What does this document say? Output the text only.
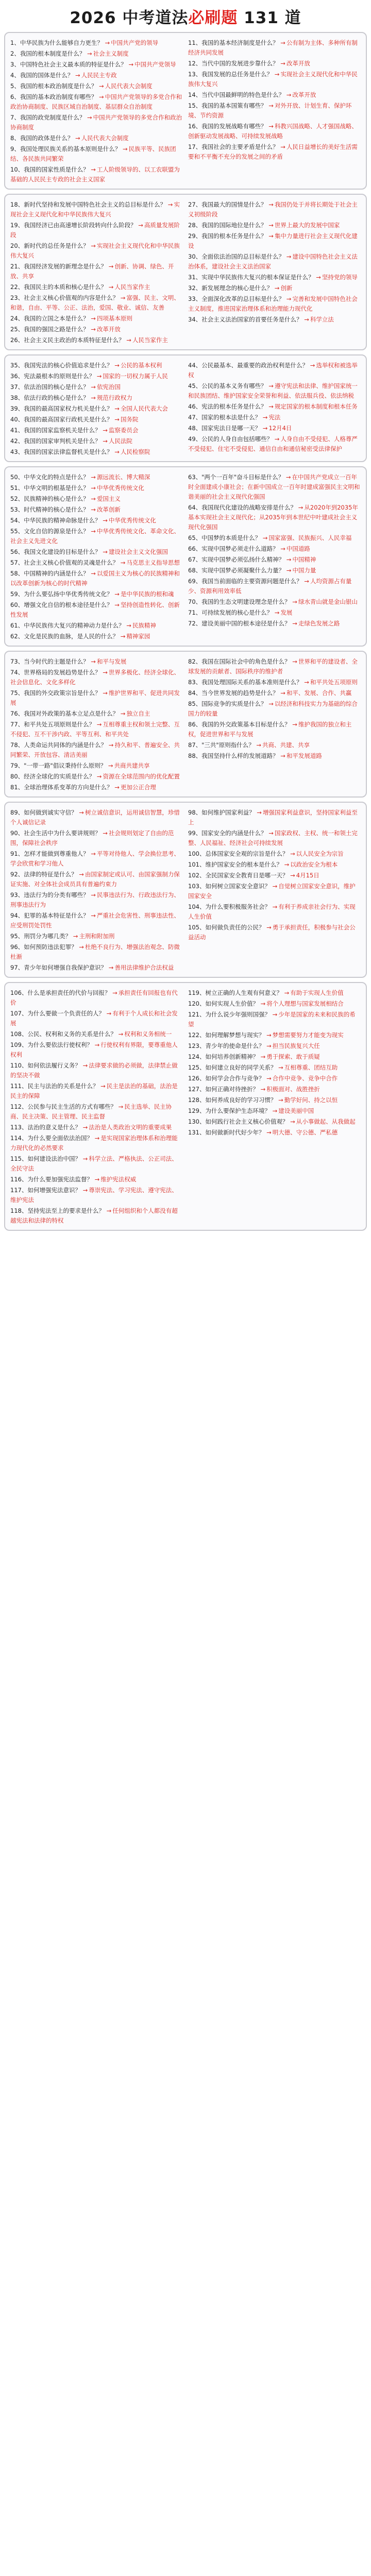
2026 中考道法必刷题 131 道
1、中华民族为什么能够自力更生？ → 中国共产党的领导
2、我国的根本制度是什么？ → 社会主义制度
3、中国特色社会主义最本质的特征是什么？ → 中国共产党领导
4、我国的国体是什么？ → 人民民主专政
5、我国的根本政治制度是什么？ → 人民代表大会制度
6、我国的基本政治制度有哪些？ → 中国共产党领导的多党合作和政治协商制度、民族区域自治制度、基层群众自治制度
7、我国的政党制度是什么？ → 中国共产党领导的多党合作和政治协商制度
8、我国的政体是什么？ → 人民代表大会制度
9、我国处理民族关系的基本原则是什么？ → 民族平等、民族团结、各民族共同繁荣
10、我国的国家性质是什么？ → 工人阶级领导的、以工农联盟为基础的人民民主专政的社会主义国家
11、我国的基本经济制度是什么？ → 公有制为主体、多种所有制经济共同发展
12、当代中国的发展进步靠什么？ → 改革开放
13、我国发展的总任务是什么？ → 实现社会主义现代化和中华民族伟大复兴
14、当代中国最鲜明的特色是什么？ → 改革开放
15、我国的基本国策有哪些？ → 对外开放、计划生育、保护环境、节约资源
16、我国的发展战略有哪些？ → 科教兴国战略、人才强国战略、创新驱动发展战略、可持续发展战略
17、我国社会的主要矛盾是什么？ → 人民日益增长的美好生活需要和不平衡不充分的发展之间的矛盾
18、新时代坚持和发展中国特色社会主义的总目标是什么？ → 实现社会主义现代化和中华民族伟大复兴
19、我国经济已由高速增长阶段转向什么阶段？ → 高质量发展阶段
20、新时代的总任务是什么？ → 实现社会主义现代化和中华民族伟大复兴
21、我国经济发展的新理念是什么？ → 创新、协调、绿色、开放、共享
22、我国民主的本质和核心是什么？ → 人民当家作主
23、社会主义核心价值观的内容是什么？ → 富强、民主、文明、和谐，自由、平等、公正、法治，爱国、敬业、诚信、友善
24、我国的立国之本是什么？ → 四项基本原则
25、我国的强国之路是什么？ → 改革开放
26、社会主义民主政治的本质特征是什么？ → 人民当家作主
27、我国最大的国情是什么？ → 我国仍处于并将长期处于社会主义初级阶段
28、我国的国际地位是什么？ → 世界上最大的发展中国家
29、我国的根本任务是什么？ → 集中力量进行社会主义现代化建设
30、全面依法治国的总目标是什么？ → 建设中国特色社会主义法治体系，建设社会主义法治国家
31、实现中华民族伟大复兴的根本保证是什么？ → 坚持党的领导
32、新发展理念的核心是什么？ → 创新
33、全面深化改革的总目标是什么？ → 完善和发展中国特色社会主义制度，推进国家治理体系和治理能力现代化
34、社会主义法治国家的首要任务是什么？ → 科学立法
35、我国宪法的核心价值追求是什么？ → 公民的基本权利
36、宪法最根本的原则是什么？ → 国家的一切权力属于人民
37、依法治国的核心是什么？ → 依宪治国
38、依法行政的核心是什么？ → 规范行政权力
39、我国的最高国家权力机关是什么？ → 全国人民代表大会
40、我国的最高国家行政机关是什么？ → 国务院
41、我国的国家监察机关是什么？ → 监察委员会
42、我国的国家审判机关是什么？ → 人民法院
43、我国的国家法律监督机关是什么？ → 人民检察院
44、公民最基本、最重要的政治权利是什么？ → 选举权和被选举权
45、公民的基本义务有哪些？ → 遵守宪法和法律、维护国家统一和民族团结、维护国家安全荣誉和利益、依法服兵役、依法纳税
46、宪法的根本任务是什么？ → 规定国家的根本制度和根本任务
47、国家的根本法是什么？ → 宪法
48、国家宪法日是哪一天？ → 12月4日
49、公民的人身自由包括哪些？ → 人身自由不受侵犯、人格尊严不受侵犯、住宅不受侵犯、通信自由和通信秘密受法律保护
50、中华文化的特点是什么？ → 源远流长、博大精深
51、中华文明的根基是什么？ → 中华优秀传统文化
52、民族精神的核心是什么？ → 爱国主义
53、时代精神的核心是什么？ → 改革创新
54、中华民族的精神命脉是什么？ → 中华优秀传统文化
55、文化自信的源泉是什么？ → 中华优秀传统文化、革命文化、社会主义先进文化
56、我国文化建设的目标是什么？ → 建设社会主义文化强国
57、社会主义核心价值观的灵魂是什么？ → 马克思主义指导思想
58、中国精神的内涵是什么？ → 以爱国主义为核心的民族精神和以改革创新为核心的时代精神
59、为什么要弘扬中华优秀传统文化？ → 是中华民族的根和魂
60、增强文化自信的根本途径是什么？ → 坚持创造性转化、创新性发展
61、中华民族伟大复兴的精神动力是什么？ → 民族精神
62、文化是民族的血脉，是人民的什么？ → 精神家园
63、"两个一百年"奋斗目标是什么？ → 在中国共产党成立一百年时全面建成小康社会；在新中国成立一百年时建成富强民主文明和谐美丽的社会主义现代化强国
64、我国现代化建设的战略安排是什么？ → 从2020年到2035年基本实现社会主义现代化；从2035年到本世纪中叶建成社会主义现代化强国
65、中国梦的本质是什么？ → 国家富强、民族振兴、人民幸福
66、实现中国梦必须走什么道路？ → 中国道路
67、实现中国梦必须弘扬什么精神？ → 中国精神
68、实现中国梦必须凝聚什么力量？ → 中国力量
69、我国当前面临的主要资源问题是什么？ → 人均资源占有量少、资源利用效率低
70、我国的生态文明建设理念是什么？ → 绿水青山就是金山银山
71、可持续发展的核心是什么？ → 发展
72、建设美丽中国的根本途径是什么？ → 走绿色发展之路
73、当今时代的主题是什么？ → 和平与发展
74、世界格局的发展趋势是什么？ → 世界多极化、经济全球化、社会信息化、文化多样化
75、我国的外交政策宗旨是什么？ → 维护世界和平、促进共同发展
76、我国对外政策的基本立足点是什么？ → 独立自主
77、和平共处五项原则是什么？ → 互相尊重主权和领土完整、互不侵犯、互不干涉内政、平等互利、和平共处
78、人类命运共同体的内涵是什么？ → 持久和平、普遍安全、共同繁荣、开放包容、清洁美丽
79、"一带一路"倡议秉持什么原则？ → 共商共建共享
80、经济全球化的实质是什么？ → 资源在全球范围内的优化配置
81、全球治理体系变革的方向是什么？ → 更加公正合理
82、我国在国际社会中的角色是什么？ → 世界和平的建设者、全球发展的贡献者、国际秩序的维护者
83、我国处理国际关系的基本准则是什么？ → 和平共处五项原则
84、当今世界发展的趋势是什么？ → 和平、发展、合作、共赢
85、国际竞争的实质是什么？ → 以经济和科技实力为基础的综合国力的较量
86、我国的外交政策基本目标是什么？ → 维护我国的独立和主权，促进世界和平与发展
87、"三共"原则指什么？ → 共商、共建、共享
88、我国坚持什么样的发展道路？ → 和平发展道路
89、如何做到诚实守信？ → 树立诚信意识，运用诚信智慧，珍惜个人诚信记录
90、社会生活中为什么要讲规则？ → 社会规则划定了自由的范围，保障社会秩序
91、怎样才能做到尊重他人？ → 平等对待他人、学会换位思考、学会欣赏和学习他人
92、法律的特征是什么？ → 由国家制定或认可、由国家强制力保证实施、对全体社会成员具有普遍约束力
93、违法行为的分类有哪些？ → 民事违法行为、行政违法行为、刑事违法行为
94、犯罪的基本特征是什么？ → 严重社会危害性、刑事违法性、应受刑罚处罚性
95、刑罚分为哪几类？ → 主刑和附加刑
96、如何预防违法犯罪？ → 杜绝不良行为、增强法治观念、防微杜渐
97、青少年如何增强自我保护意识？ → 善用法律维护合法权益
98、如何维护国家利益？ → 增强国家利益意识，坚持国家利益至上
99、国家安全的内涵是什么？ → 国家政权、主权、统一和领土完整、人民福祉、经济社会可持续发展
100、总体国家安全观的宗旨是什么？ → 以人民安全为宗旨
101、维护国家安全的根本是什么？ → 以政治安全为根本
102、全民国家安全教育日是哪一天？ → 4月15日
103、如何树立国家安全意识？ → 自觉树立国家安全意识，维护国家安全
104、为什么要积极服务社会？ → 有利于养成亲社会行为、实现人生价值
105、如何做负责任的公民？ → 勇于承担责任，积极参与社会公益活动
106、什么是承担责任的代价与回报？ → 承担责任有回报也有代价
107、为什么要做一个负责任的人？ → 有利于个人成长和社会发展
108、公民、权利和义务的关系是什么？ → 权利和义务相统一
109、为什么要依法行使权利？ → 行使权利有界限，要尊重他人权利
110、如何依法履行义务？ → 法律要求做的必须做，法律禁止做的坚决不做
111、民主与法治的关系是什么？ → 民主是法治的基础，法治是民主的保障
112、公民参与民主生活的方式有哪些？ → 民主选举、民主协商、民主决策、民主管理、民主监督
113、法治的意义是什么？ → 法治是人类政治文明的重要成果
114、为什么要全面依法治国？ → 是实现国家治理体系和治理能力现代化的必然要求
115、如何建设法治中国？ → 科学立法、严格执法、公正司法、全民守法
116、为什么要加强宪法监督？ → 维护宪法权威
117、如何增强宪法意识？ → 尊崇宪法、学习宪法、遵守宪法、维护宪法
118、坚持宪法至上的要求是什么？ → 任何组织和个人都没有超越宪法和法律的特权
119、树立正确的人生观有何意义？ → 有助于实现人生价值
120、如何实现人生价值？ → 将个人理想与国家发展相结合
121、为什么说少年强则国强？ → 少年是国家的未来和民族的希望
122、如何理解梦想与现实？ → 梦想需要努力才能变为现实
123、青少年的使命是什么？ → 担当民族复兴大任
124、如何培养创新精神？ → 勇于探索、敢于质疑
125、如何建立良好的同学关系？ → 互相尊重、团结互助
126、如何学会合作与竞争？ → 合作中竞争、竞争中合作
127、如何正确对待挫折？ → 积极面对、战胜挫折
128、如何养成良好的学习习惯？ → 勤学好问、持之以恒
129、为什么要保护生态环境？ → 建设美丽中国
130、如何践行社会主义核心价值观？ → 从小事做起、从我做起
131、如何做新时代好少年？ → 明大德、守公德、严私德
